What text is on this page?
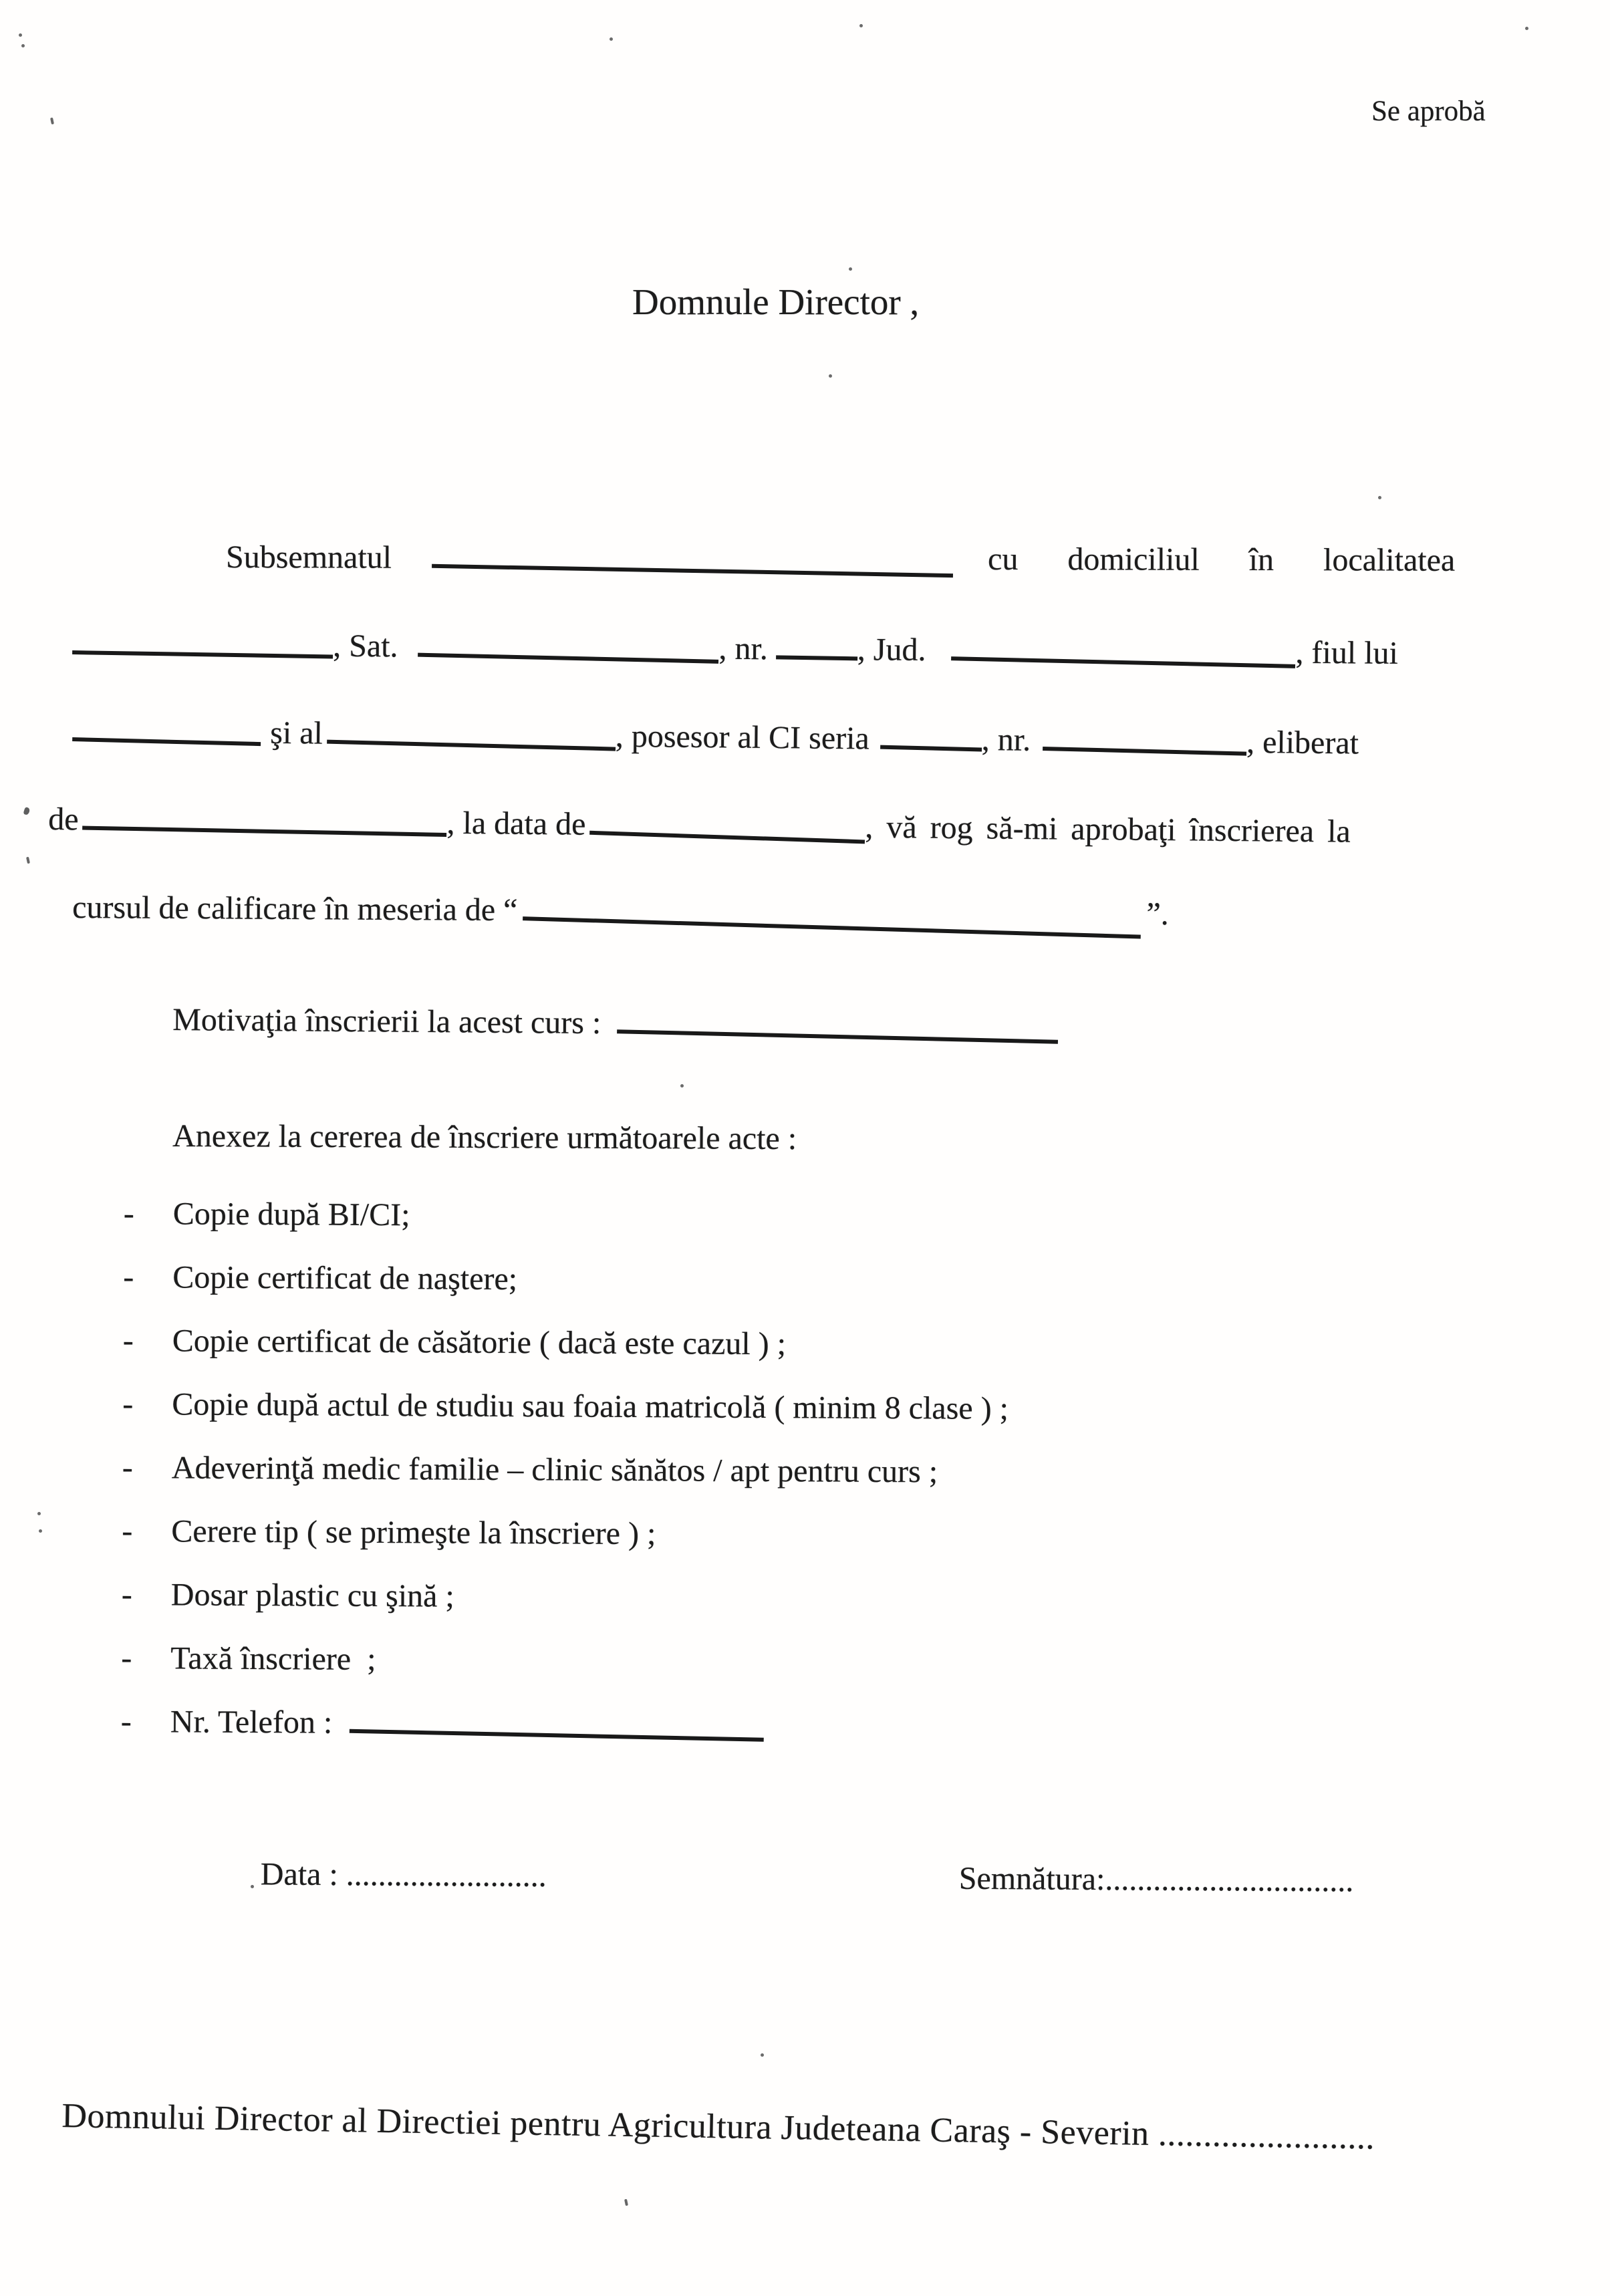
Se aprobă
Domnule Director ,
Subsemnatul	cu domiciliul în localitatea
, Sat.	, nr.	, Jud.	, fiul lui
şi al	, posesor al CI seria	, nr.	, eliberat
de	, la data de	, vă rog să-mi aprobaţi înscrierea la
cursul de calificare în meseria de “	”.
Motivaţia înscrierii la acest curs :
Anexez la cererea de înscriere următoarele acte :
-	Copie după BI/CI;
-	Copie certificat de naştere;
-	Copie certificat de căsătorie ( dacă este cazul ) ;
-	Copie după actul de studiu sau foaia matricolă ( minim 8 clase ) ;
-	Adeverinţă medic familie – clinic sănătos / apt pentru curs ;
-	Cerere tip ( se primeşte la înscriere ) ;
-	Dosar plastic cu şină ;
-	Taxă înscriere  ;
-	Nr. Telefon :
Data : .........................	Semnătura:...............................
Domnului Director al Directiei pentru Agricultura Judeteana Caraş - Severin ........................
